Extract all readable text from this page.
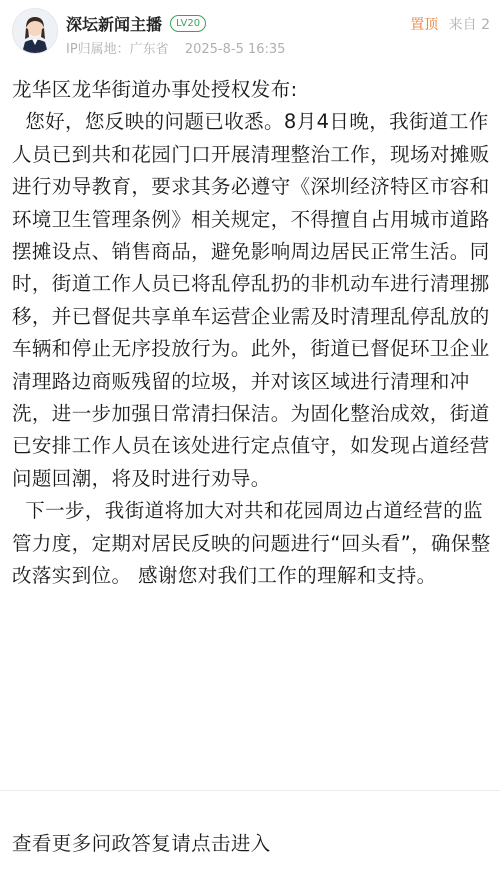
深坛新闻主播	LV20
IP归属地：广东省 2025-8-5 16:35
置顶 来自 2

龙华区龙华街道办事处授权发布:

您好，您反映的问题已收悉。8月4日晚，我街道工作人员已到共和花园门口开展清理整治工作，现场对摊贩进行劝导教育，要求其务必遵守《深圳经济特区市容和环境卫生管理条例》相关规定，不得擅自占用城市道路摆摊设点、销售商品，避免影响周边居民正常生活。同时，街道工作人员已将乱停乱扔的非机动车进行清理挪移，并已督促共享单车运营企业需及时清理乱停乱放的车辆和停止无序投放行为。此外，街道已督促环卫企业清理路边商贩残留的垃圾，并对该区域进行清理和冲洗，进一步加强日常清扫保洁。为固化整治成效，街道已安排工作人员在该处进行定点值守，如发现占道经营问题回潮，将及时进行劝导。

下一步，我街道将加大对共和花园周边占道经营的监管力度，定期对居民反映的问题进行“回头看”，确保整改落实到位。 感谢您对我们工作的理解和支持。

查看更多问政答复请点击进入
